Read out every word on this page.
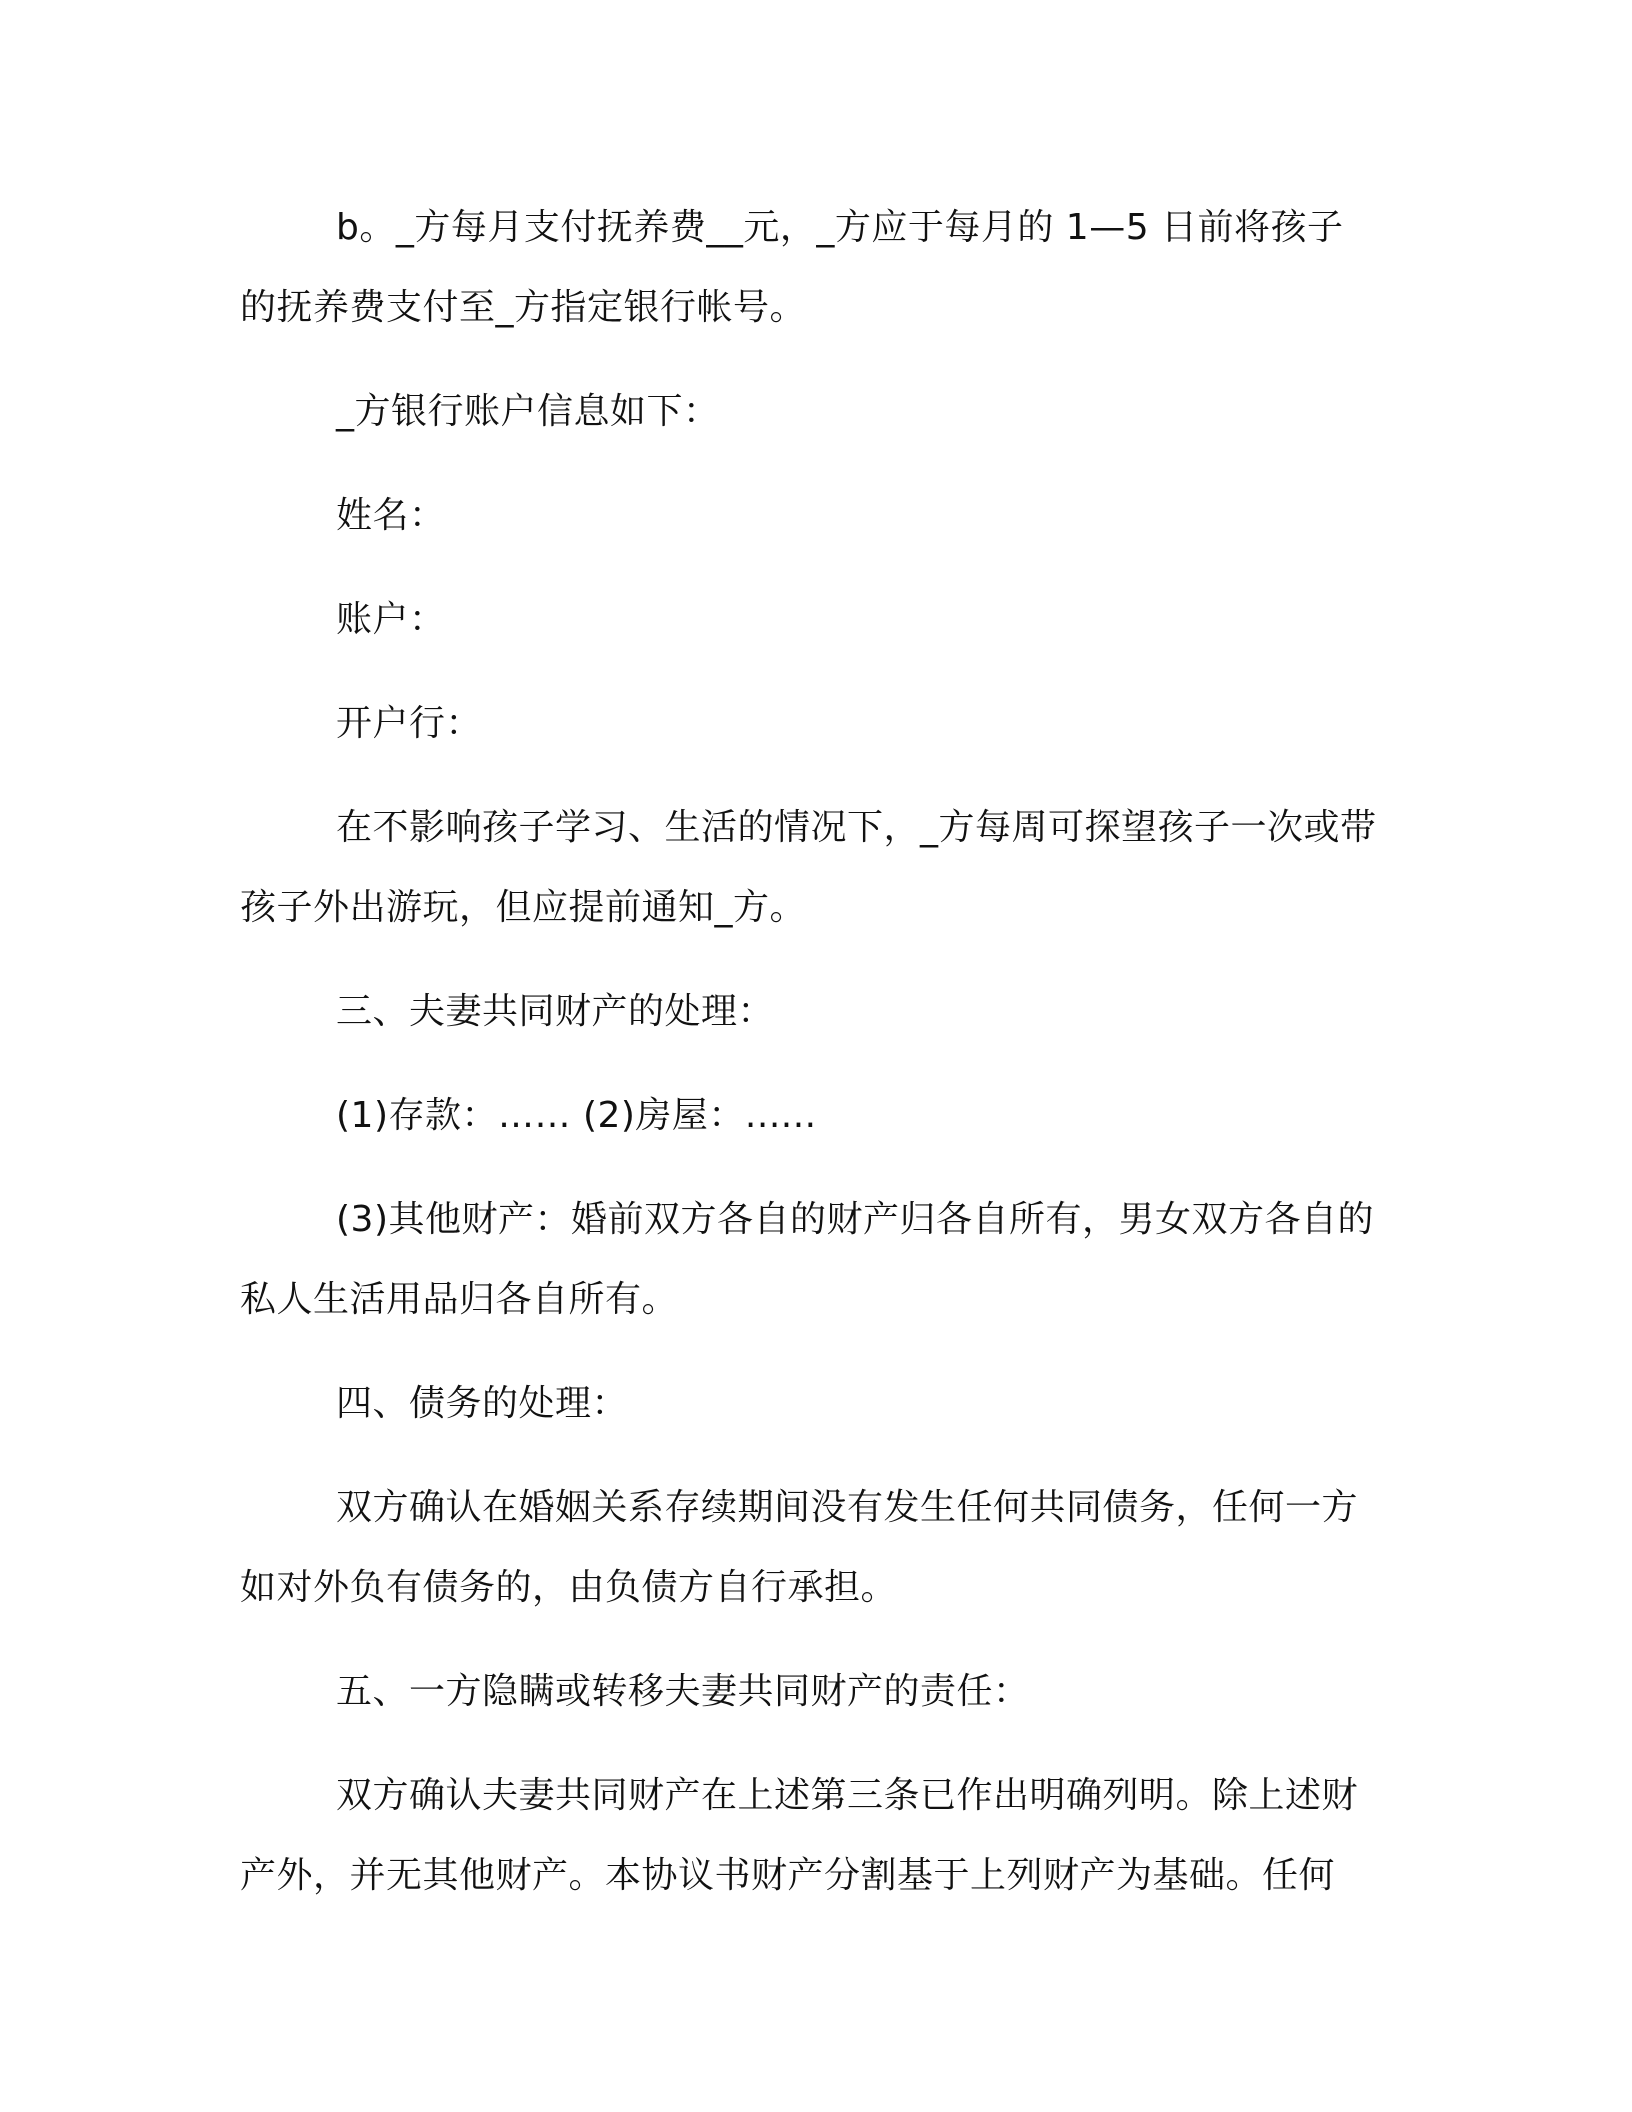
b。_方每月支付抚养费__元，_方应于每月的 1—5 日前将孩子的抚养费支付至_方指定银行帐号。

_方银行账户信息如下：

姓名：

账户：

开户行：

在不影响孩子学习、生活的情况下，_方每周可探望孩子一次或带孩子外出游玩，但应提前通知_方。

三、夫妻共同财产的处理：

(1)存款：…… (2)房屋：......

(3)其他财产：婚前双方各自的财产归各自所有，男女双方各自的私人生活用品归各自所有。

四、债务的处理：

双方确认在婚姻关系存续期间没有发生任何共同债务，任何一方如对外负有债务的，由负债方自行承担。

五、一方隐瞒或转移夫妻共同财产的责任：

双方确认夫妻共同财产在上述第三条已作出明确列明。除上述财产外，并无其他财产。本协议书财产分割基于上列财产为基础。任何
